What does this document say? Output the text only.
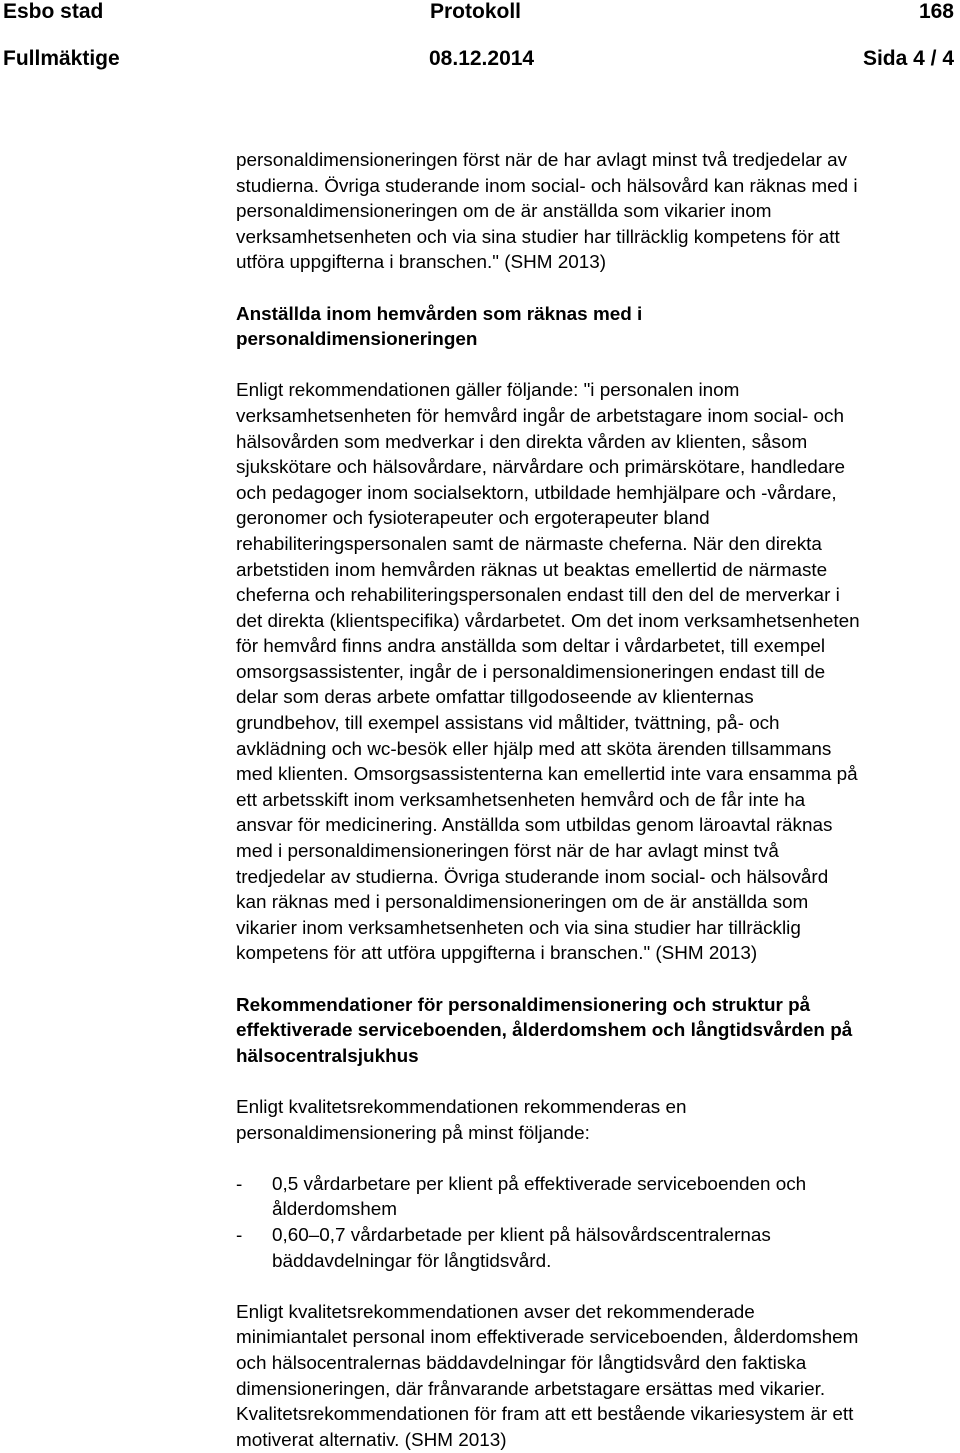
Esbo stad	Protokoll	168
Fullmäktige	08.12.2014	Sida 4 / 4
personaldimensioneringen först när de har avlagt minst två tredjedelar av
studierna. Övriga studerande inom social- och hälsovård kan räknas med i
personaldimensioneringen om de är anställda som vikarier inom
verksamhetsenheten och via sina studier har tillräcklig kompetens för att
utföra uppgifterna i branschen." (SHM 2013)
Anställda inom hemvården som räknas med i
personaldimensioneringen
Enligt rekommendationen gäller följande: "i personalen inom
verksamhetsenheten för hemvård ingår de arbetstagare inom social- och
hälsovården som medverkar i den direkta vården av klienten, såsom
sjukskötare och hälsovårdare, närvårdare och primärskötare, handledare
och pedagoger inom socialsektorn, utbildade hemhjälpare och -vårdare,
geronomer och fysioterapeuter och ergoterapeuter bland
rehabiliteringspersonalen samt de närmaste cheferna. När den direkta
arbetstiden inom hemvården räknas ut beaktas emellertid de närmaste
cheferna och rehabiliteringspersonalen endast till den del de merverkar i
det direkta (klientspecifika) vårdarbetet. Om det inom verksamhetsenheten
för hemvård finns andra anställda som deltar i vårdarbetet, till exempel
omsorgsassistenter, ingår de i personaldimensioneringen endast till de
delar som deras arbete omfattar tillgodoseende av klienternas
grundbehov, till exempel assistans vid måltider, tvättning, på- och
avklädning och wc-besök eller hjälp med att sköta ärenden tillsammans
med klienten. Omsorgsassistenterna kan emellertid inte vara ensamma på
ett arbetsskift inom verksamhetsenheten hemvård och de får inte ha
ansvar för medicinering. Anställda som utbildas genom läroavtal räknas
med i personaldimensioneringen först när de har avlagt minst två
tredjedelar av studierna. Övriga studerande inom social- och hälsovård
kan räknas med i personaldimensioneringen om de är anställda som
vikarier inom verksamhetsenheten och via sina studier har tillräcklig
kompetens för att utföra uppgifterna i branschen." (SHM 2013)
Rekommendationer för personaldimensionering och struktur på
effektiverade serviceboenden, ålderdomshem och långtidsvården på
hälsocentralsjukhus
Enligt kvalitetsrekommendationen rekommenderas en
personaldimensionering på minst följande:
- 0,5 vårdarbetare per klient på effektiverade serviceboenden och
ålderdomshem
- 0,60–0,7 vårdarbetade per klient på hälsovårdscentralernas
bäddavdelningar för långtidsvård.
Enligt kvalitetsrekommendationen avser det rekommenderade
minimiantalet personal inom effektiverade serviceboenden, ålderdomshem
och hälsocentralernas bäddavdelningar för långtidsvård den faktiska
dimensioneringen, där frånvarande arbetstagare ersättas med vikarier.
Kvalitetsrekommendationen för fram att ett bestående vikariesystem är ett
motiverat alternativ. (SHM 2013)
